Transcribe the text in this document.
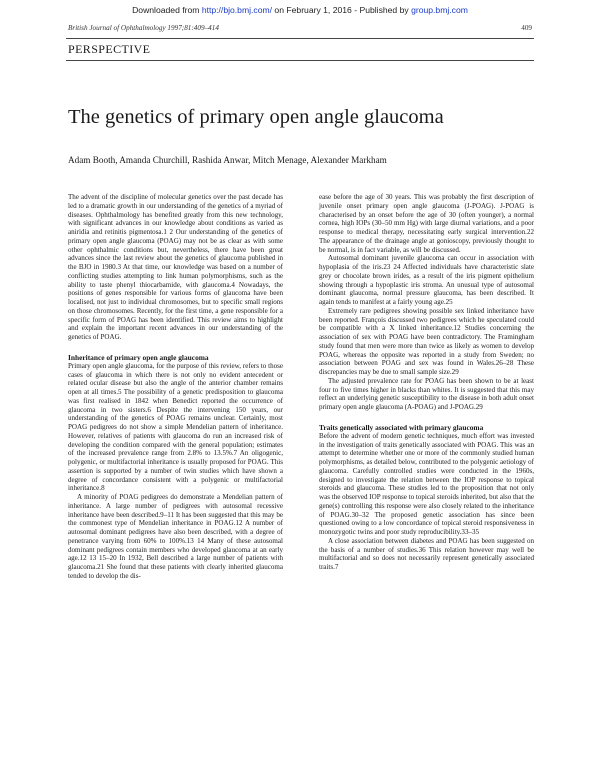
Downloaded from http://bjo.bmj.com/ on February 1, 2016 - Published by group.bmj.com
British Journal of Ophthalmology 1997;81:409–414	409
PERSPECTIVE
The genetics of primary open angle glaucoma
Adam Booth, Amanda Churchill, Rashida Anwar, Mitch Menage, Alexander Markham

The advent of the discipline of molecular genetics over the past decade has led to a dramatic growth in our understanding of the genetics of a myriad of diseases. Ophthalmology has benefited greatly from this new technology, with significant advances in our knowledge about conditions as varied as aniridia and retinitis pigmentosa.1 2 Our understanding of the genetics of primary open angle glaucoma (POAG) may not be as clear as with some other ophthalmic conditions but, nevertheless, there have been great advances since the last review about the genetics of glaucoma published in the BJO in 1980.3 At that time, our knowledge was based on a number of conflicting studies attempting to link human polymorphisms, such as the ability to taste phenyl thiocarbamide, with glaucoma.4 Nowadays, the positions of genes responsible for various forms of glaucoma have been localised, not just to individual chromosomes, but to specific small regions on those chromosomes. Recently, for the first time, a gene responsible for a specific form of POAG has been identified. This review aims to highlight and explain the important recent advances in our understanding of the genetics of POAG.

Inheritance of primary open angle glaucoma

Primary open angle glaucoma, for the purpose of this review, refers to those cases of glaucoma in which there is not only no evident antecedent or related ocular disease but also the angle of the anterior chamber remains open at all times.5 The possibility of a genetic predisposition to glaucoma was first realised in 1842 when Benedict reported the occurrence of glaucoma in two sisters.6 Despite the intervening 150 years, our understanding of the genetics of POAG remains unclear. Certainly, most POAG pedigrees do not show a simple Mendelian pattern of inheritance. However, relatives of patients with glaucoma do run an increased risk of developing the condition compared with the general population; estimates of the increased prevalence range from 2.8% to 13.5%.7 An oligogenic, polygenic, or multifactorial inheritance is usually proposed for POAG. This assertion is supported by a number of twin studies which have shown a degree of concordance consistent with a polygenic or multifactorial inheritance.8

A minority of POAG pedigrees do demonstrate a Mendelian pattern of inheritance. A large number of pedigrees with autosomal recessive inheritance have been described.9–11 It has been suggested that this may be the commonest type of Mendelian inheritance in POAG.12 A number of autosomal dominant pedigrees have also been described, with a degree of penetrance varying from 60% to 100%.13 14 Many of these autosomal dominant pedigrees contain members who developed glaucoma at an early age.12 13 15–20 In 1932, Bell described a large number of patients with glaucoma.21 She found that these patients with clearly inherited glaucoma tended to develop the dis-

ease before the age of 30 years. This was probably the first description of juvenile onset primary open angle glaucoma (J-POAG). J-POAG is characterised by an onset before the age of 30 (often younger), a normal cornea, high IOPs (30–50 mm Hg) with large diurnal variations, and a poor response to medical therapy, necessitating early surgical intervention.22 The appearance of the drainage angle at gonioscopy, previously thought to be normal, is in fact variable, as will be discussed.

Autosomal dominant juvenile glaucoma can occur in association with hypoplasia of the iris.23 24 Affected individuals have characteristic slate grey or chocolate brown irides, as a result of the iris pigment epithelium showing through a hypoplastic iris stroma. An unusual type of autosomal dominant glaucoma, normal pressure glaucoma, has been described. It again tends to manifest at a fairly young age.25

Extremely rare pedigrees showing possible sex linked inheritance have been reported. François discussed two pedigrees which he speculated could be compatible with a X linked inheritance.12 Studies concerning the association of sex with POAG have been contradictory. The Framingham study found that men were more than twice as likely as women to develop POAG, whereas the opposite was reported in a study from Sweden; no association between POAG and sex was found in Wales.26–28 These discrepancies may be due to small sample size.29

The adjusted prevalence rate for POAG has been shown to be at least four to five times higher in blacks than whites. It is suggested that this may reflect an underlying genetic susceptibility to the disease in both adult onset primary open angle glaucoma (A-POAG) and J-POAG.29

Traits genetically associated with primary glaucoma

Before the advent of modern genetic techniques, much effort was invested in the investigation of traits genetically associated with POAG. This was an attempt to determine whether one or more of the commonly studied human polymorphisms, as detailed below, contributed to the polygenic aetiology of glaucoma. Carefully controlled studies were conducted in the 1960s, designed to investigate the relation between the IOP response to topical steroids and glaucoma. These studies led to the proposition that not only was the observed IOP response to topical steroids inherited, but also that the gene(s) controlling this response were also closely related to the inheritance of POAG.30–32 The proposed genetic association has since been questioned owing to a low concordance of topical steroid responsiveness in monozygotic twins and poor study reproducibility.33–35

A close association between diabetes and POAG has been suggested on the basis of a number of studies.36 This relation however may well be multifactorial and so does not necessarily represent genetically associated traits.7
